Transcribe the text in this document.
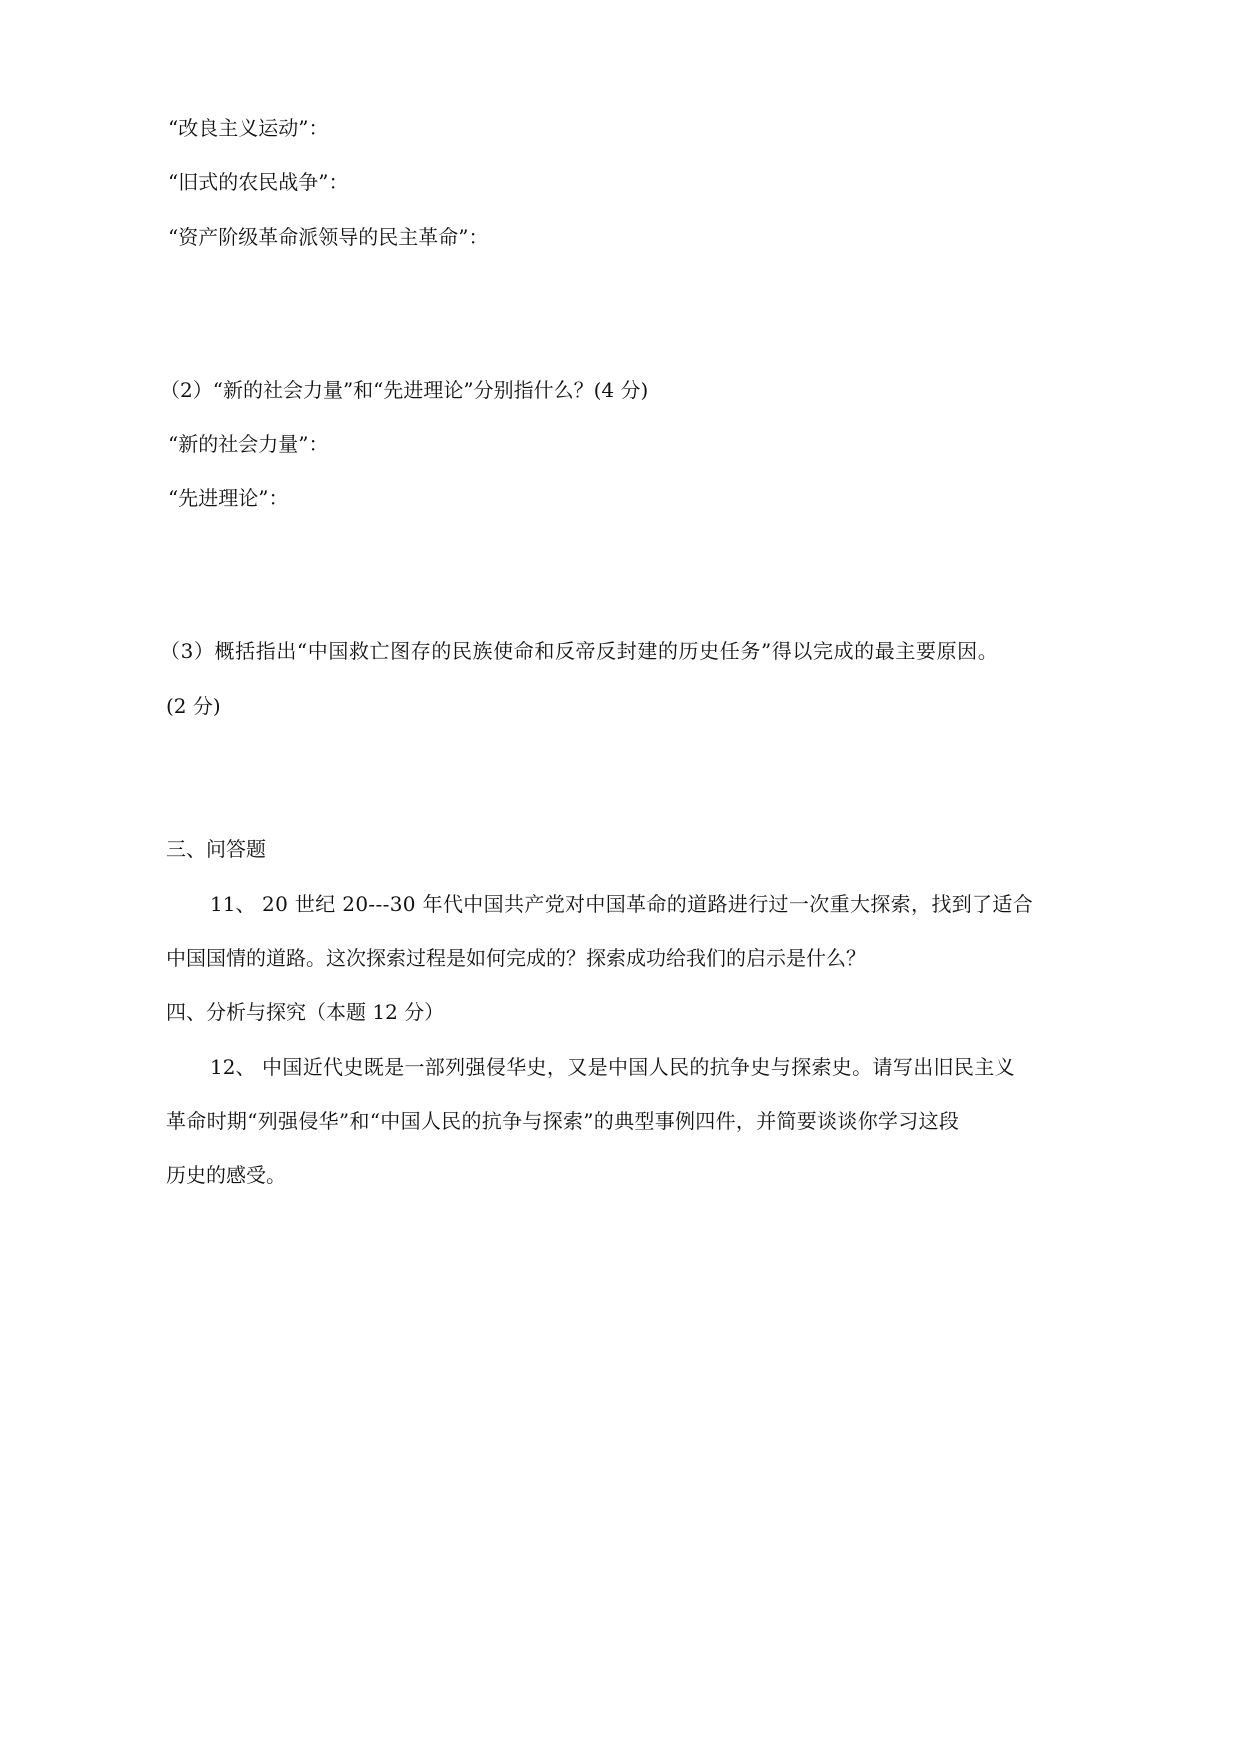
“改良主义运动”：

“旧式的农民战争”：

“资产阶级革命派领导的民主革命”：

（2）“新的社会力量”和“先进理论”分别指什么？(4 分)

“新的社会力量”：

“先进理论”：

（3）概括指出“中国救亡图存的民族使命和反帝反封建的历史任务”得以完成的最主要原因。

(2 分)

三、问答题

11、 20 世纪 20---30 年代中国共产党对中国革命的道路进行过一次重大探索，找到了适合

中国国情的道路。这次探索过程是如何完成的？探索成功给我们的启示是什么？

四、分析与探究（本题 12 分）

12、 中国近代史既是一部列强侵华史，又是中国人民的抗争史与探索史。请写出旧民主义

革命时期“列强侵华”和“中国人民的抗争与探索”的典型事例四件，并简要谈谈你学习这段

历史的感受。
